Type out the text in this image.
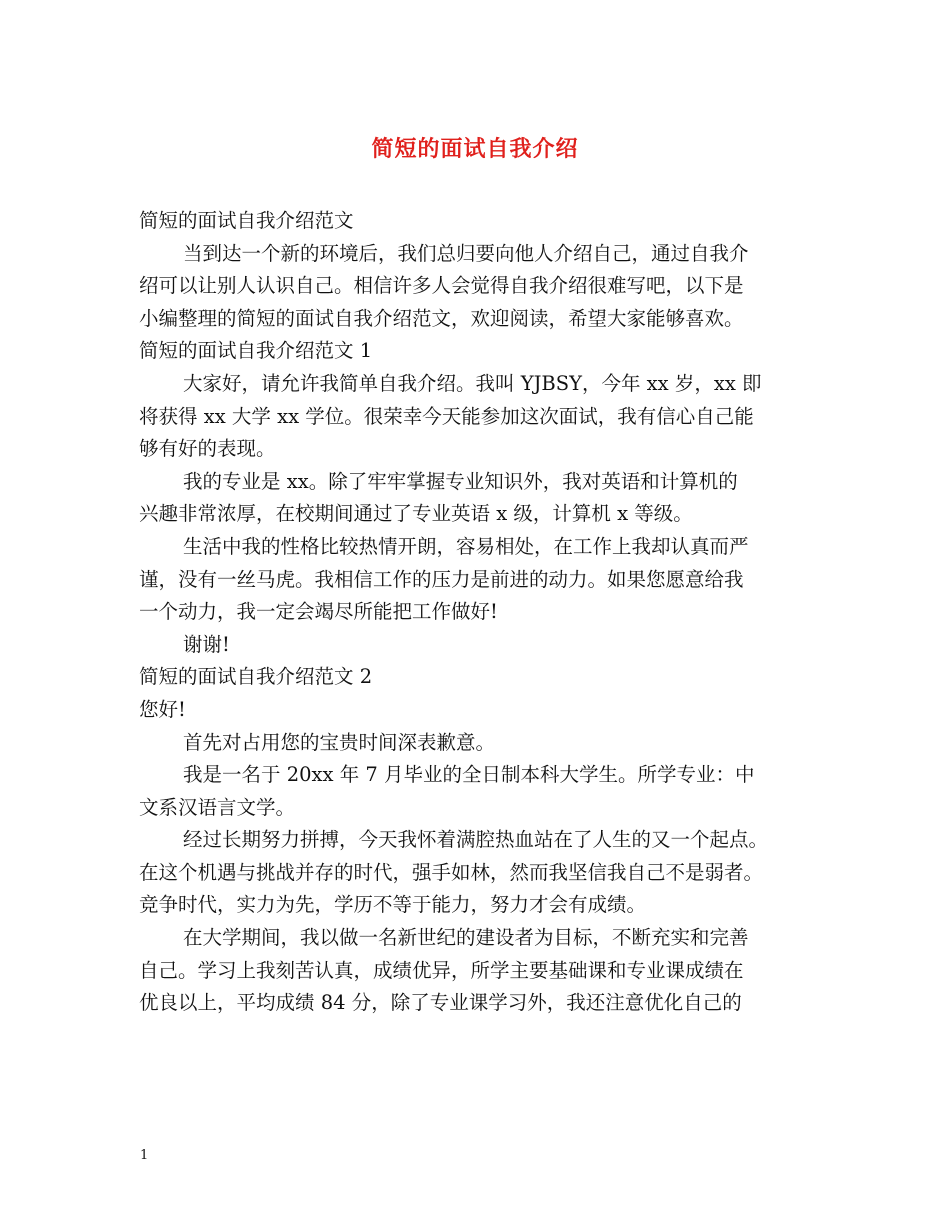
简短的面试自我介绍
简短的面试自我介绍范文
当到达一个新的环境后，我们总归要向他人介绍自己，通过自我介
绍可以让别人认识自己。相信许多人会觉得自我介绍很难写吧，以下是
小编整理的简短的面试自我介绍范文，欢迎阅读，希望大家能够喜欢。
简短的面试自我介绍范文 1
大家好，请允许我简单自我介绍。我叫 YJBSY，今年 xx 岁，xx 即
将获得 xx 大学 xx 学位。很荣幸今天能参加这次面试，我有信心自己能
够有好的表现。
我的专业是 xx。除了牢牢掌握专业知识外，我对英语和计算机的
兴趣非常浓厚，在校期间通过了专业英语 x 级，计算机 x 等级。
生活中我的性格比较热情开朗，容易相处，在工作上我却认真而严
谨，没有一丝马虎。我相信工作的压力是前进的动力。如果您愿意给我
一个动力，我一定会竭尽所能把工作做好!
谢谢!
简短的面试自我介绍范文 2
您好!
首先对占用您的宝贵时间深表歉意。
我是一名于 20xx 年 7 月毕业的全日制本科大学生。所学专业：中
文系汉语言文学。
经过长期努力拼搏，今天我怀着满腔热血站在了人生的又一个起点。
在这个机遇与挑战并存的时代，强手如林，然而我坚信我自己不是弱者。
竞争时代，实力为先，学历不等于能力，努力才会有成绩。
在大学期间，我以做一名新世纪的建设者为目标，不断充实和完善
自己。学习上我刻苦认真，成绩优异，所学主要基础课和专业课成绩在
优良以上，平均成绩 84 分，除了专业课学习外，我还注意优化自己的
1
